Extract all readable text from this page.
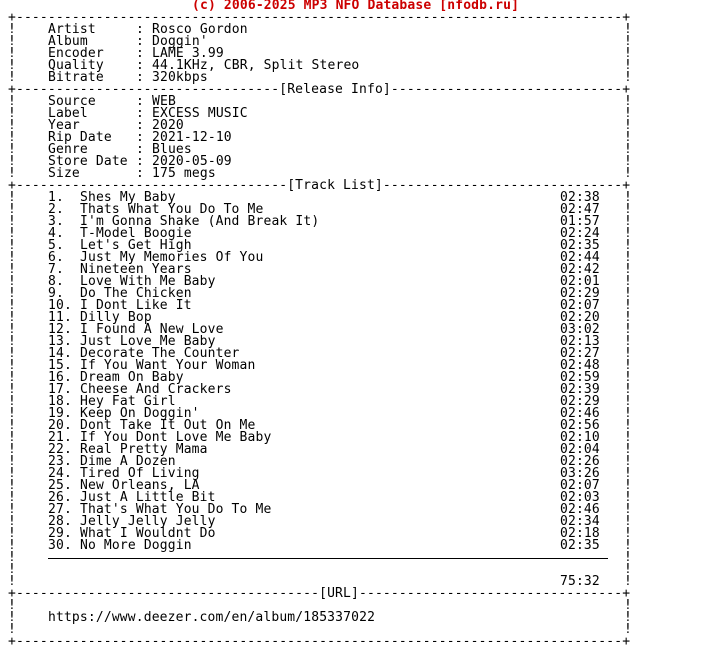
(c) 2006-2025 MP3 NFO Database [nfodb.ru]
+----------------------------------------------------------------------------+
!	!
Artist	: Rosco Gordon
!	!
Album	: Doggin'
!	!
Encoder : LAME 3.99
!	!
Quality : 44.1KHz, CBR, Split Stereo
!	!
Bitrate : 320kbps
+---------------------------------[Release Info]-----------------------------+
!	!
Source	: WEB
!	!
Label	: EXCESS MUSIC
!	!
Year	: 2020
!	!
Rip Date : 2021-12-10
!	!
Genre	: Blues
!	!
Store Date : 2020-05-09
!	!
Size	: 175 megs
+----------------------------------[Track List]------------------------------+
!	!
1. Shes My Baby	02:38
!	!
2. Thats What You Do To Me	02:47
!	!
3. I'm Gonna Shake (And Break It)	01:57
!	!
4. T-Model Boogie	02:24
!	!
5. Let's Get High	02:35
!	!
6. Just My Memories Of You	02:44
!	!
7. Nineteen Years	02:42
!	!
8. Love With Me Baby	02:01
!	!
9. Do The Chicken	02:29
!	!
10. I Dont Like It	02:07
!	!
11. Dilly Bop	02:20
!	!
12. I Found A New Love	03:02
!	!
13. Just Love Me Baby	02:13
!	!
14. Decorate The Counter	02:27
!	!
15. If You Want Your Woman	02:48
!	!
16. Dream On Baby	02:59
!	!
17. Cheese And Crackers	02:39
!	!
18. Hey Fat Girl	02:29
!	!
19. Keep On Doggin'	02:46
!	!
20. Dont Take It Out On Me	02:56
!	!
21. If You Dont Love Me Baby	02:10
!	!
22. Real Pretty Mama	02:04
!	!
23. Dime A Dozen	02:26
!	!
24. Tired Of Living	03:26
!	!
25. New Orleans, LA	02:07
!	!
26. Just A Little Bit	02:03
!	!
27. That's What You Do To Me	02:46
!	!
28. Jelly Jelly Jelly	02:34
!	!
29. What I Wouldnt Do	02:18
!	!
30. No More Doggin	02:35
!	!
!	!
!	!
75:32
+--------------------------------------[URL]---------------------------------+
!	!
!	!
https://www.deezer.com/en/album/185337022
!	!
+----------------------------------------------------------------------------+
